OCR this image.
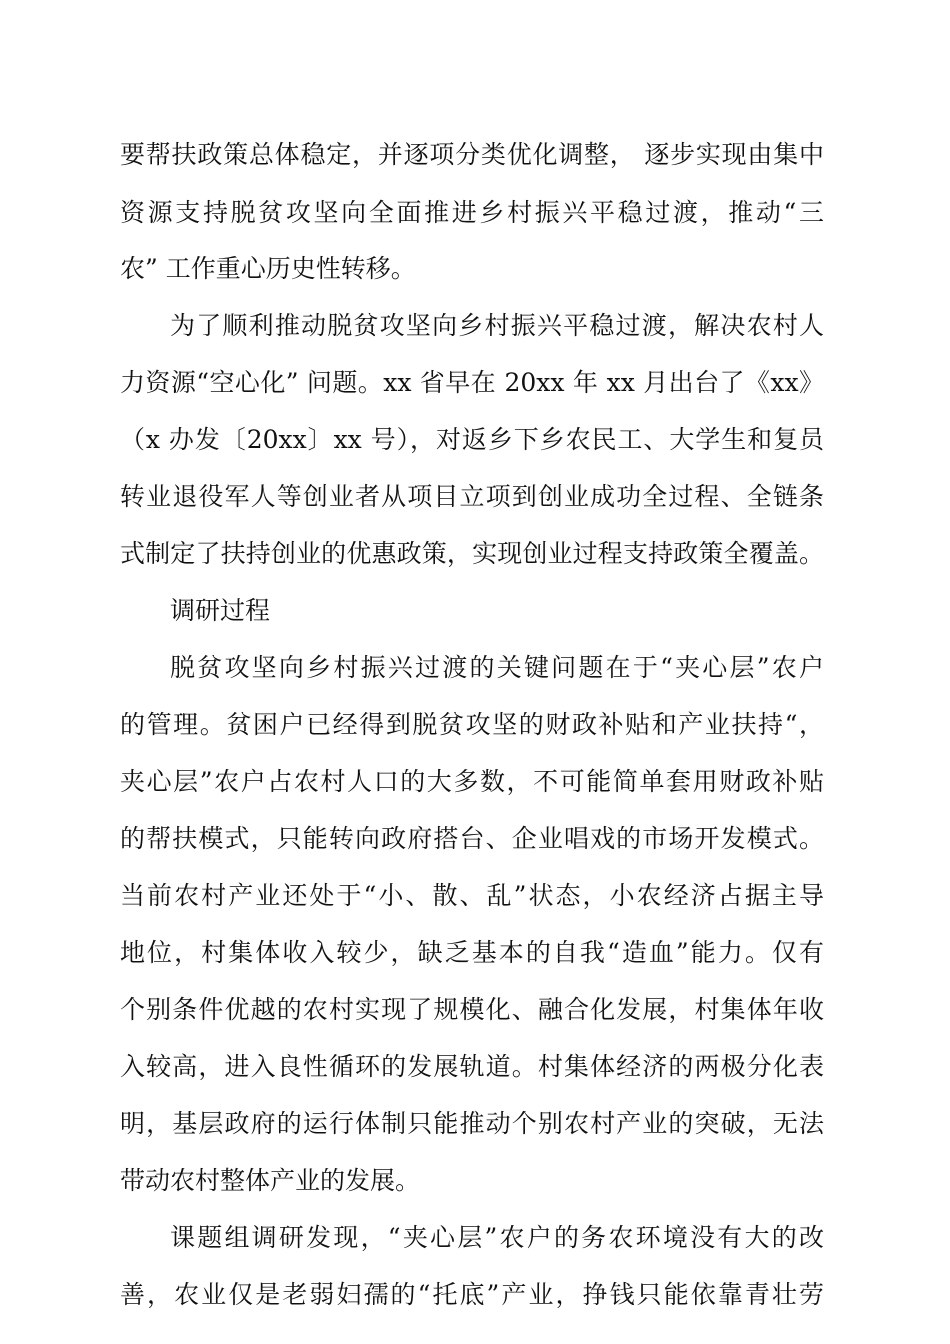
要帮扶政策总体稳定，并逐项分类优化调整， 逐步实现由集中
资源支持脱贫攻坚向全面推进乡村振兴平稳过渡，推动“三
农” 工作重心历史性转移。
为了顺利推动脱贫攻坚向乡村振兴平稳过渡，解决农村人
力资源“空心化” 问题。xx 省早在 20xx 年 xx 月出台了《xx》
（x 办发〔20xx〕xx 号），对返乡下乡农民工、大学生和复员
转业退役军人等创业者从项目立项到创业成功全过程、全链条
式制定了扶持创业的优惠政策，实现创业过程支持政策全覆盖。
调研过程
脱贫攻坚向乡村振兴过渡的关键问题在于“夹心层”农户
的管理。贫困户已经得到脱贫攻坚的财政补贴和产业扶持“，
夹心层”农户占农村人口的大多数，不可能简单套用财政补贴
的帮扶模式，只能转向政府搭台、企业唱戏的市场开发模式。
当前农村产业还处于“小、散、乱”状态，小农经济占据主导
地位，村集体收入较少，缺乏基本的自我“造血”能力。仅有
个别条件优越的农村实现了规模化、融合化发展，村集体年收
入较高，进入良性循环的发展轨道。村集体经济的两极分化表
明，基层政府的运行体制只能推动个别农村产业的突破，无法
带动农村整体产业的发展。
课题组调研发现，“夹心层”农户的务农环境没有大的改
善，农业仅是老弱妇孺的“托底”产业，挣钱只能依靠青壮劳
